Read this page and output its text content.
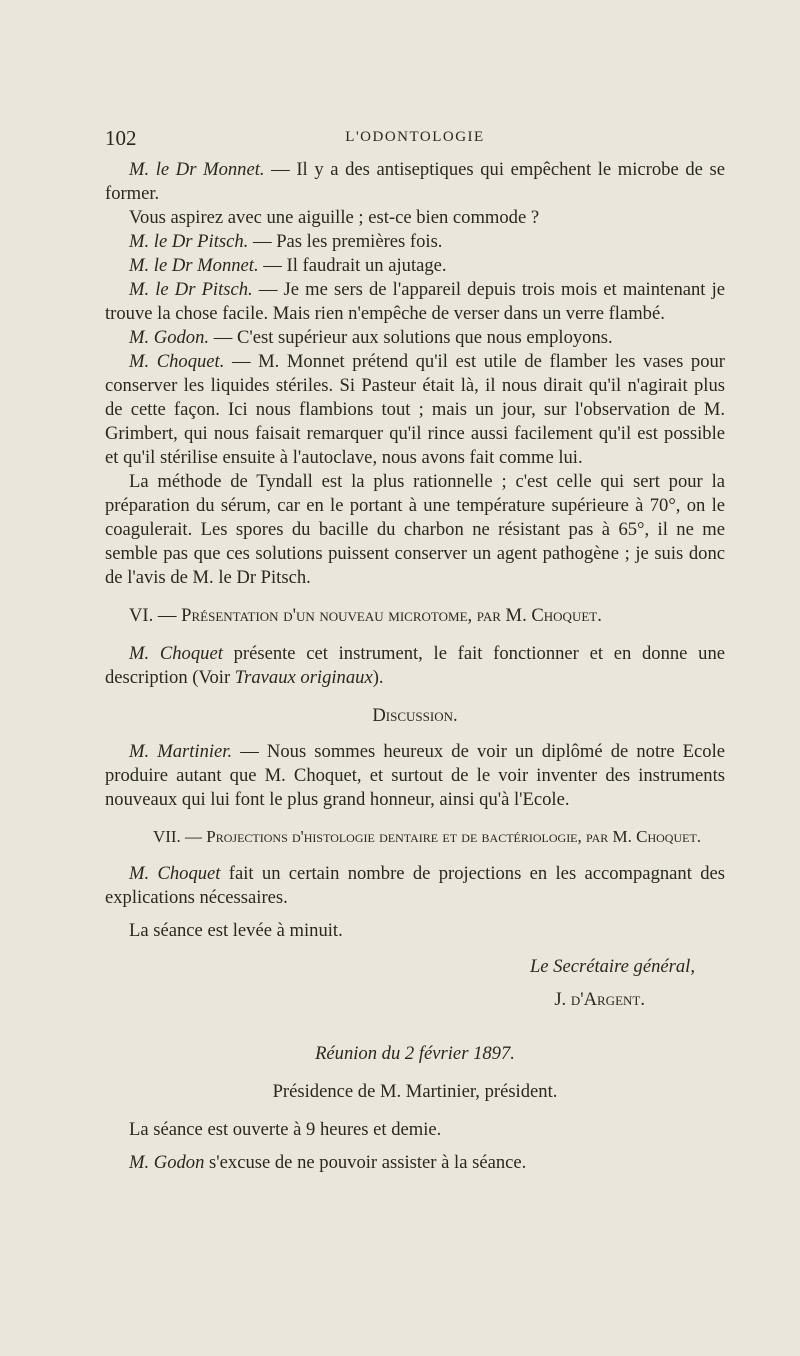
102	L'ODONTOLOGIE

M. le Dr Monnet. — Il y a des antiseptiques qui empêchent le microbe de se former.

Vous aspirez avec une aiguille ; est-ce bien commode ?

M. le Dr Pitsch. — Pas les premières fois.

M. le Dr Monnet. — Il faudrait un ajutage.

M. le Dr Pitsch. — Je me sers de l'appareil depuis trois mois et maintenant je trouve la chose facile. Mais rien n'empêche de verser dans un verre flambé.

M. Godon. — C'est supérieur aux solutions que nous employons.

M. Choquet. — M. Monnet prétend qu'il est utile de flamber les vases pour conserver les liquides stériles. Si Pasteur était là, il nous dirait qu'il n'agirait plus de cette façon. Ici nous flambions tout ; mais un jour, sur l'observation de M. Grimbert, qui nous faisait remarquer qu'il rince aussi facilement qu'il est possible et qu'il stérilise ensuite à l'autoclave, nous avons fait comme lui.

La méthode de Tyndall est la plus rationnelle ; c'est celle qui sert pour la préparation du sérum, car en le portant à une température supérieure à 70°, on le coagulerait. Les spores du bacille du charbon ne résistant pas à 65°, il ne me semble pas que ces solutions puissent conserver un agent pathogène ; je suis donc de l'avis de M. le Dr Pitsch.

VI. — Présentation d'un nouveau microtome, par M. Choquet.

M. Choquet présente cet instrument, le fait fonctionner et en donne une description (Voir Travaux originaux).

Discussion.

M. Martinier. — Nous sommes heureux de voir un diplômé de notre Ecole produire autant que M. Choquet, et surtout de le voir inventer des instruments nouveaux qui lui font le plus grand honneur, ainsi qu'à l'Ecole.

VII. — Projections d'histologie dentaire et de bactériologie, par M. Choquet.

M. Choquet fait un certain nombre de projections en les accompagnant des explications nécessaires.

La séance est levée à minuit.

Le Secrétaire général,

J. d'Argent.

Réunion du 2 février 1897.

Présidence de M. Martinier, président.

La séance est ouverte à 9 heures et demie.

M. Godon s'excuse de ne pouvoir assister à la séance.
